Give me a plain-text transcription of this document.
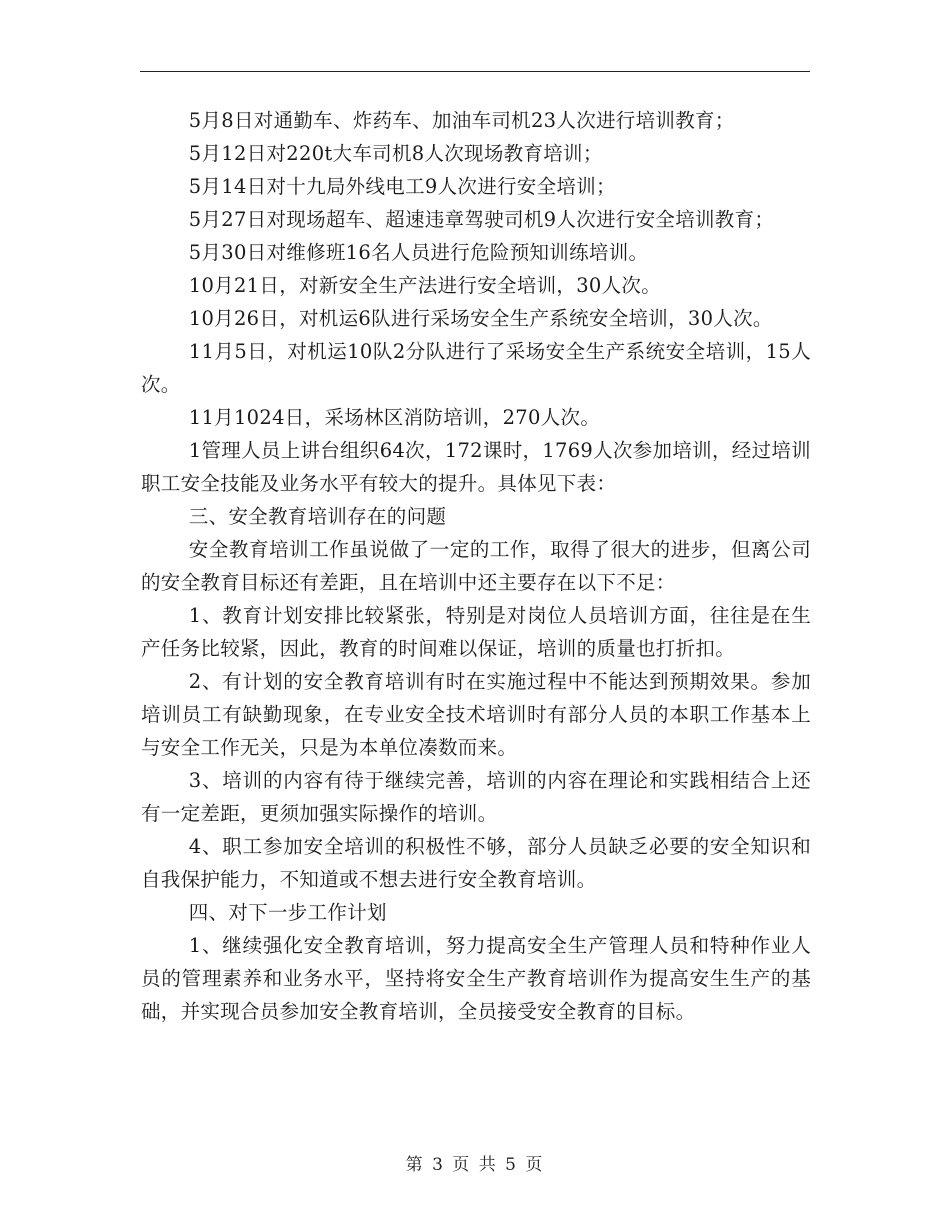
5月8日对通勤车、炸药车、加油车司机23人次进行培训教育；

5月12日对220t大车司机8人次现场教育培训；

5月14日对十九局外线电工9人次进行安全培训；

5月27日对现场超车、超速违章驾驶司机9人次进行安全培训教育；

5月30日对维修班16名人员进行危险预知训练培训。

10月21日，对新安全生产法进行安全培训，30人次。

10月26日，对机运6队进行采场安全生产系统安全培训，30人次。

11月5日，对机运10队2分队进行了采场安全生产系统安全培训，15人次。

11月1024日，采场林区消防培训，270人次。

1管理人员上讲台组织64次，172课时，1769人次参加培训，经过培训职工安全技能及业务水平有较大的提升。具体见下表：

三、安全教育培训存在的问题

安全教育培训工作虽说做了一定的工作，取得了很大的进步，但离公司的安全教育目标还有差距，且在培训中还主要存在以下不足：

1、教育计划安排比较紧张，特别是对岗位人员培训方面，往往是在生产任务比较紧，因此，教育的时间难以保证，培训的质量也打折扣。

2、有计划的安全教育培训有时在实施过程中不能达到预期效果。参加培训员工有缺勤现象，在专业安全技术培训时有部分人员的本职工作基本上与安全工作无关，只是为本单位凑数而来。

3、培训的内容有待于继续完善，培训的内容在理论和实践相结合上还有一定差距，更须加强实际操作的培训。

4、职工参加安全培训的积极性不够，部分人员缺乏必要的安全知识和自我保护能力，不知道或不想去进行安全教育培训。

四、对下一步工作计划

1、继续强化安全教育培训，努力提高安全生产管理人员和特种作业人员的管理素养和业务水平，坚持将安全生产教育培训作为提高安生生产的基础，并实现合员参加安全教育培训，全员接受安全教育的目标。

第 3 页 共 5 页
